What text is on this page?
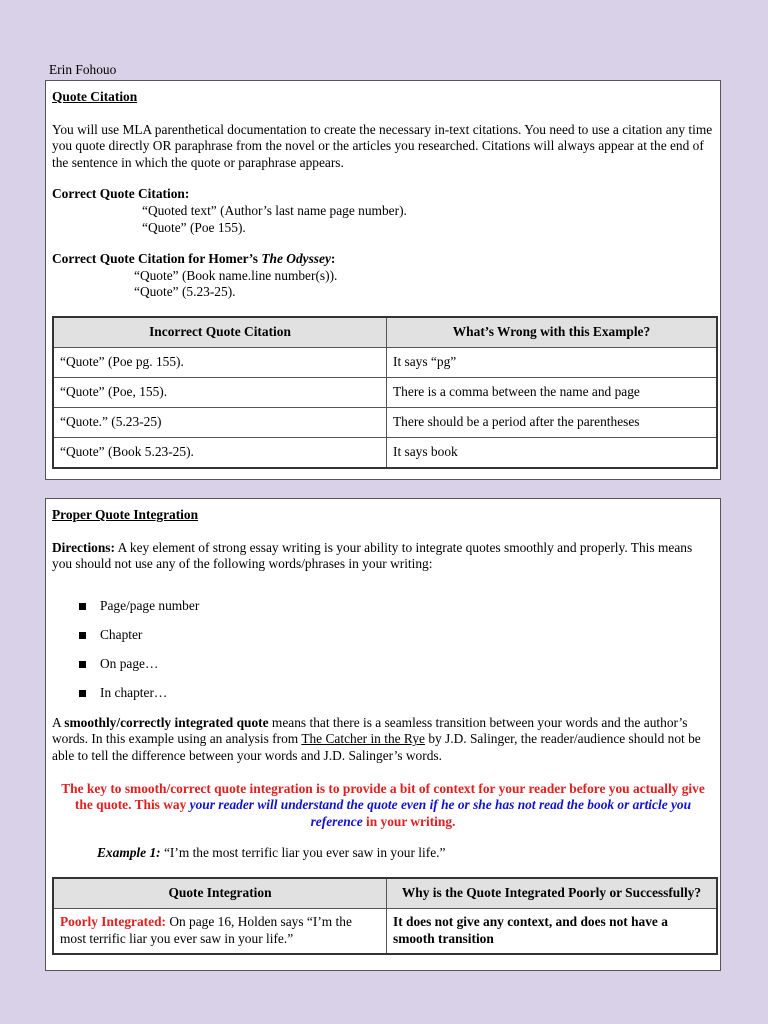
Erin Fohouo

Quote Citation

You will use MLA parenthetical documentation to create the necessary in-text citations. You need to use a citation any time you quote directly OR paraphrase from the novel or the articles you researched. Citations will always appear at the end of the sentence in which the quote or paraphrase appears.

Correct Quote Citation:

“Quoted text” (Author’s last name page number).

“Quote” (Poe 155).

Correct Quote Citation for Homer’s The Odyssey:

“Quote” (Book name.line number(s)).

“Quote” (5.23-25).

Incorrect Quote Citation	What’s Wrong with this Example?
“Quote” (Poe pg. 155).	It says “pg”
“Quote” (Poe, 155).	There is a comma between the name and page
“Quote.” (5.23-25)	There should be a period after the parentheses
“Quote” (Book 5.23-25).	It says book

Proper Quote Integration

Directions: A key element of strong essay writing is your ability to integrate quotes smoothly and properly. This means you should not use any of the following words/phrases in your writing:

Page/page number
Chapter
On page…
In chapter…

A smoothly/correctly integrated quote means that there is a seamless transition between your words and the author’s words. In this example using an analysis from The Catcher in the Rye by J.D. Salinger, the reader/audience should not be able to tell the difference between your words and J.D. Salinger’s words.

The key to smooth/correct quote integration is to provide a bit of context for your reader before you actually give the quote. This way your reader will understand the quote even if he or she has not read the book or article you reference in your writing.

Example 1: “I’m the most terrific liar you ever saw in your life.”

Quote Integration	Why is the Quote Integrated Poorly or Successfully?
Poorly Integrated: On page 16, Holden says “I’m the most terrific liar you ever saw in your life.”	It does not give any context, and does not have a smooth transition
